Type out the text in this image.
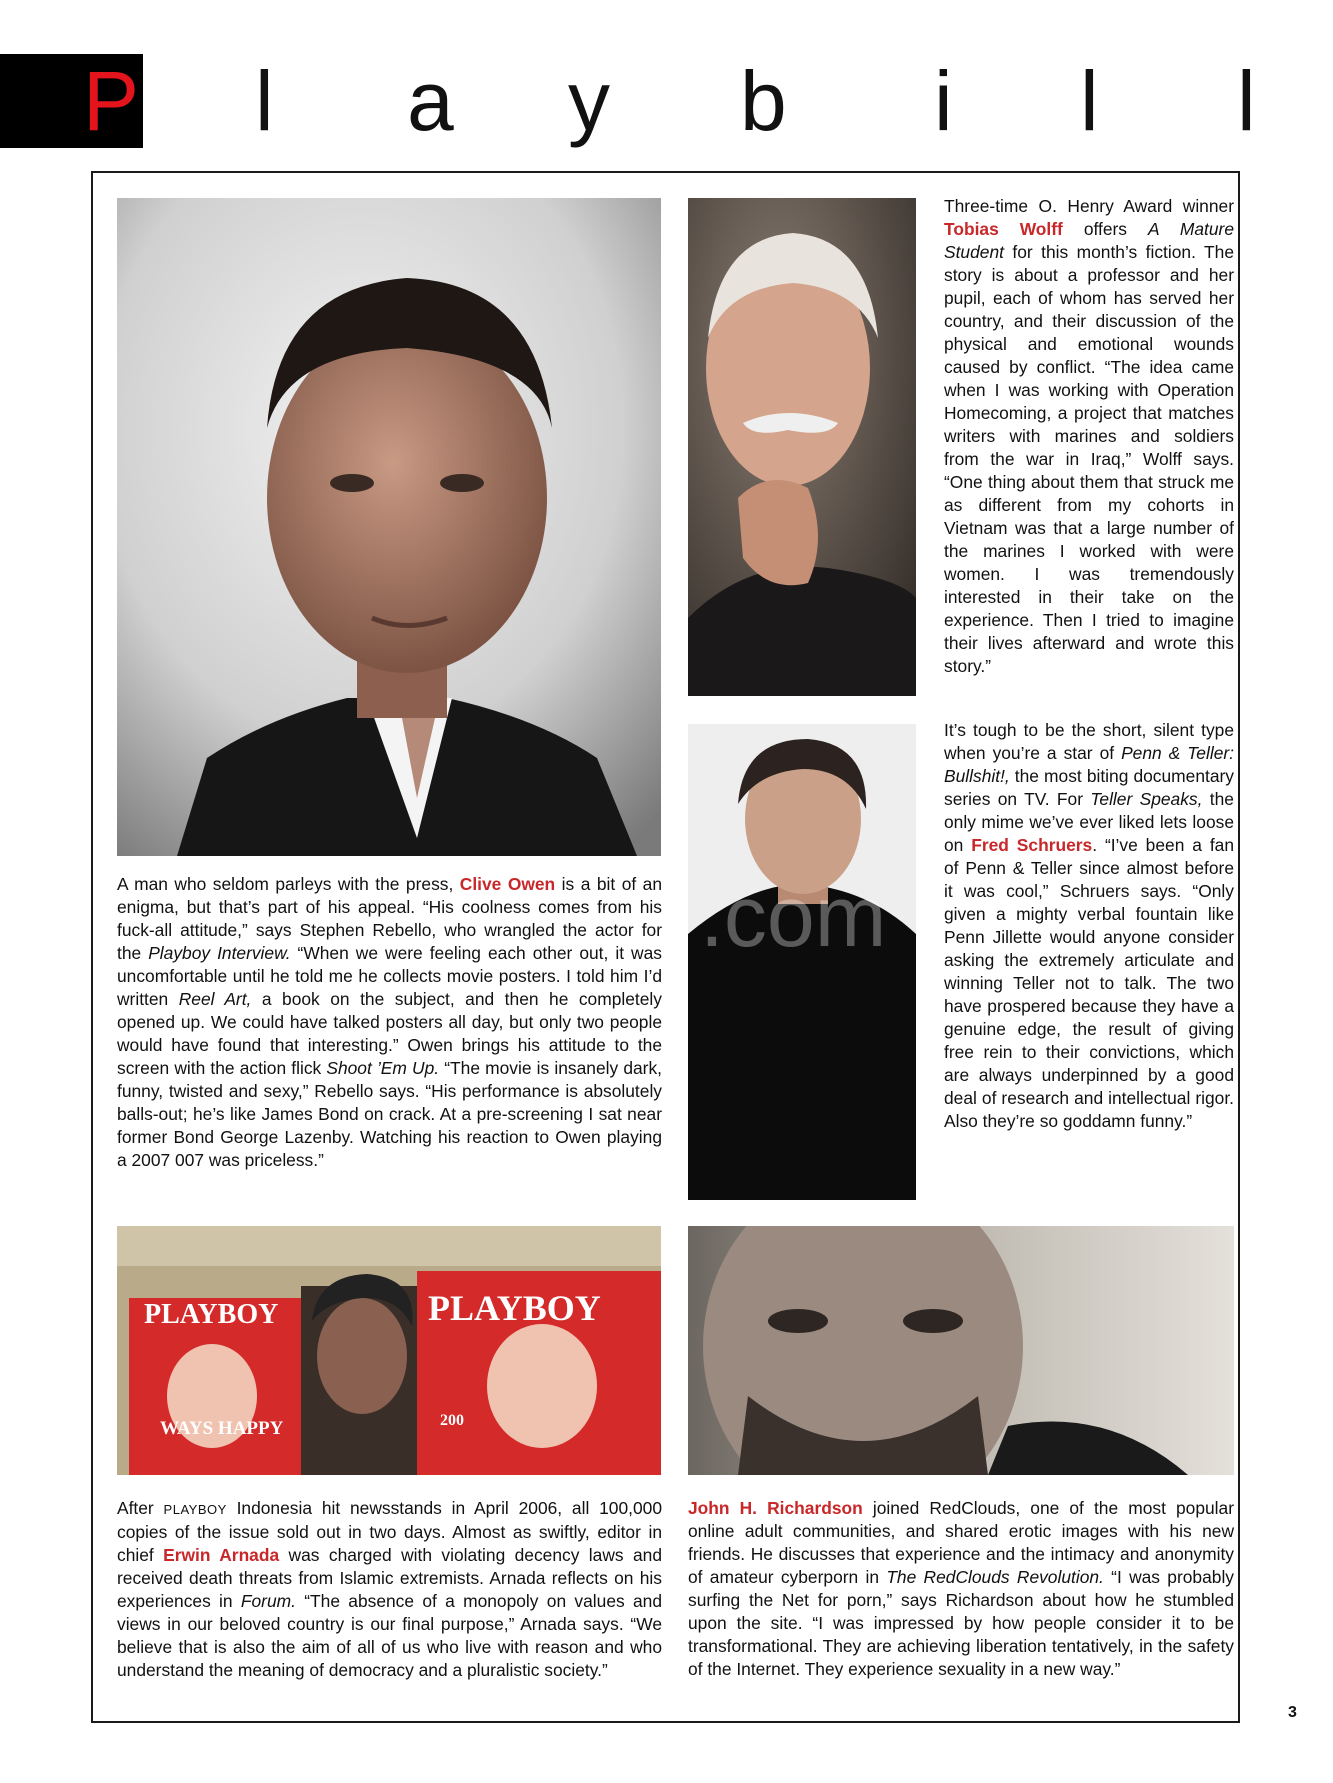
P l a y b i l l
PLAYBOY
WAYS HAPPY
PLAYBOY
200
.com

A man who seldom parleys with the press, Clive Owen is a bit of an enigma, but that’s part of his appeal. “His coolness comes from his fuck-all attitude,” says Stephen Rebello, who wrangled the actor for the Playboy Interview. “When we were feeling each other out, it was uncomfortable until he told me he collects movie posters. I told him I’d written Reel Art, a book on the subject, and then he completely opened up. We could have talked posters all day, but only two people would have found that interesting.” Owen brings his attitude to the screen with the action flick Shoot ’Em Up. “The movie is insanely dark, funny, twisted and sexy,” Rebello says. “His performance is absolutely balls-out; he’s like James Bond on crack. At a pre-screening I sat near former Bond George Lazenby. Watching his reaction to Owen playing a 2007 007 was priceless.”

Three-time O. Henry Award winner Tobias Wolff offers A Mature Student for this month’s fiction. The story is about a professor and her pupil, each of whom has served her country, and their discussion of the physical and emotional wounds caused by conflict. “The idea came when I was working with Operation Homecoming, a project that matches writers with marines and soldiers from the war in Iraq,” Wolff says. “One thing about them that struck me as different from my cohorts in Vietnam was that a large number of the marines I worked with were women. I was tremendously interested in their take on the experience. Then I tried to imagine their lives afterward and wrote this story.”

It’s tough to be the short, silent type when you’re a star of Penn & Teller: Bullshit!, the most biting documentary series on TV. For Teller Speaks, the only mime we’ve ever liked lets loose on Fred Schruers. “I’ve been a fan of Penn & Teller since almost before it was cool,” Schruers says. “Only given a mighty verbal fountain like Penn Jillette would anyone consider asking the extremely articulate and winning Teller not to talk. The two have prospered because they have a genuine edge, the result of giving free rein to their convictions, which are always underpinned by a good deal of research and intellectual rigor. Also they’re so goddamn funny.”

After PLAYBOY Indonesia hit newsstands in April 2006, all 100,000 copies of the issue sold out in two days. Almost as swiftly, editor in chief Erwin Arnada was charged with violating decency laws and received death threats from Islamic extremists. Arnada reflects on his experiences in Forum. “The absence of a monopoly on values and views in our beloved country is our final purpose,” Arnada says. “We believe that is also the aim of all of us who live with reason and who understand the meaning of democracy and a pluralistic society.”

John H. Richardson joined RedClouds, one of the most popular online adult communities, and shared erotic images with his new friends. He discusses that experience and the intimacy and anonymity of amateur cyberporn in The RedClouds Revolution. “I was probably surfing the Net for porn,” says Richardson about how he stumbled upon the site. “I was impressed by how people consider it to be transformational. They are achieving liberation tentatively, in the safety of the Internet. They experience sexuality in a new way.”

3
